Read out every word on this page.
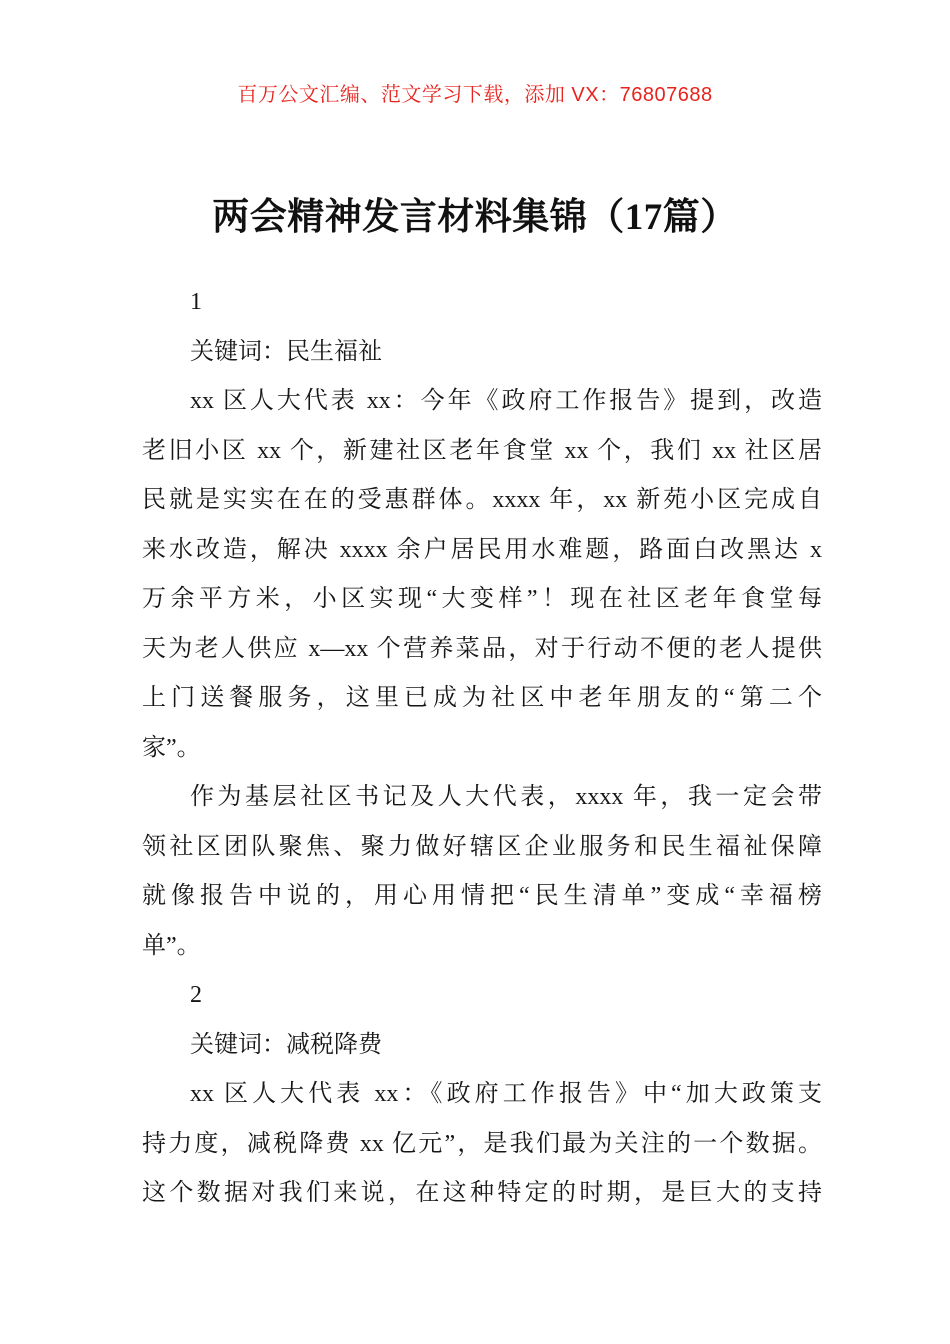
百万公文汇编、范文学习下载，添加 VX：76807688
两会精神发言材料集锦（17篇）
1
关键词：民生福祉
xx 区人大代表 xx：今年《政府工作报告》提到，改造
老旧小区 xx 个，新建社区老年食堂 xx 个，我们 xx 社区居
民就是实实在在的受惠群体。xxxx 年，xx 新苑小区完成自
来水改造，解决 xxxx 余户居民用水难题，路面白改黑达 x
万余平方米，小区实现“大变样”！现在社区老年食堂每
天为老人供应 x—xx 个营养菜品，对于行动不便的老人提供
上门送餐服务，这里已成为社区中老年朋友的“第二个
家”。
作为基层社区书记及人大代表，xxxx 年，我一定会带
领社区团队聚焦、聚力做好辖区企业服务和民生福祉保障
就像报告中说的，用心用情把“民生清单”变成“幸福榜
单”。
2
关键词：减税降费
xx 区人大代表 xx：《政府工作报告》中“加大政策支
持力度，减税降费 xx 亿元”，是我们最为关注的一个数据。
这个数据对我们来说，在这种特定的时期，是巨大的支持
